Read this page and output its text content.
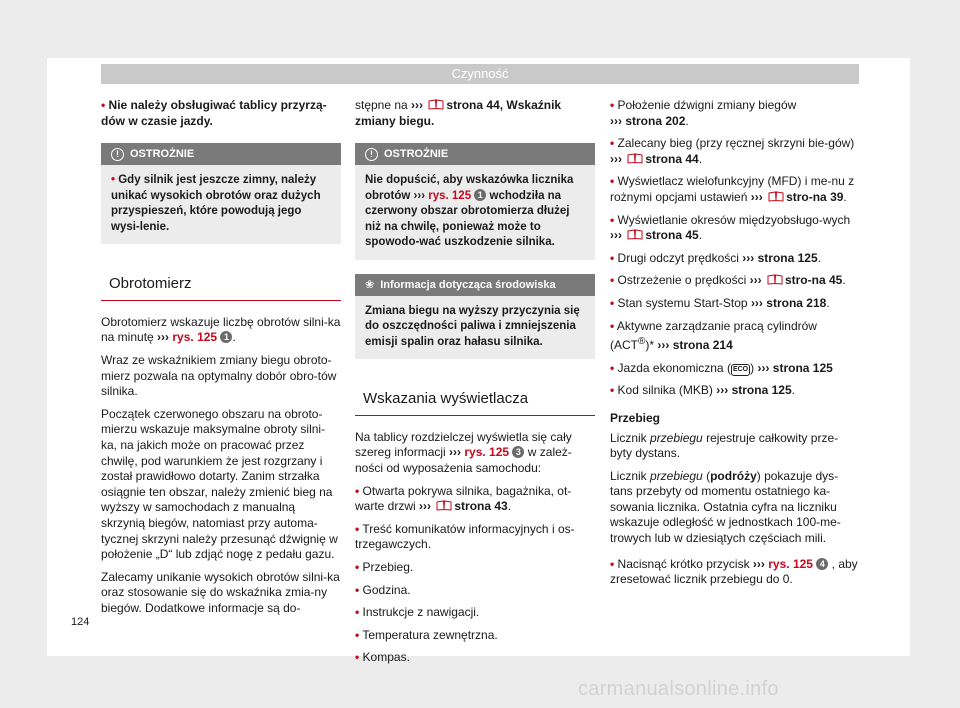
Czynność

• Nie należy obsługiwać tablicy przyrzą-dów w czasie jazdy.

!	OSTROŻNIE
• Gdy silnik jest jeszcze zimny, należy unikać wysokich obrotów oraz dużych przyspieszeń, które powodują jego wysi-lenie.
Obrotomierz

Obrotomierz wskazuje liczbę obrotów silni-ka na minutę ››› rys. 125 1 .

Wraz ze wskaźnikiem zmiany biegu obroto-mierz pozwala na optymalny dobór obro-tów silnika.

Początek czerwonego obszaru na obroto-mierzu wskazuje maksymalne obroty silni-ka, na jakich może on pracować przez chwilę, pod warunkiem że jest rozgrzany i został prawidłowo dotarty. Zanim strzałka osiągnie ten obszar, należy zmienić bieg na wyższy w samochodach z manualną skrzynią biegów, natomiast przy automa-tycznej skrzyni należy przesunąć dźwignię w położenie „D“ lub zdjąć nogę z pedału gazu.

Zalecamy unikanie wysokich obrotów silni-ka oraz stosowanie się do wskaźnika zmia-ny biegów. Dodatkowe informacje są do-

stępne na ››› strona 44, Wskaźnik zmiany biegu.

!	OSTROŻNIE
Nie dopuścić, aby wskazówka licznika obrotów ››› rys. 125 1 wchodziła na czerwony obszar obrotomierza dłużej niż na chwilę, ponieważ może to spowodo-wać uszkodzenie silnika.
❀ Informacja dotycząca środowiska
Zmiana biegu na wyższy przyczynia się do oszczędności paliwa i zmniejszenia emisji spalin oraz hałasu silnika.
Wskazania wyświetlacza

Na tablicy rozdzielczej wyświetla się cały szereg informacji ››› rys. 125 3 w zależ-ności od wyposażenia samochodu:

• Otwarta pokrywa silnika, bagażnika, ot-warte drzwi ››› strona 43.

• Treść komunikatów informacyjnych i os-trzegawczych.

• Przebieg.

• Godzina.

• Instrukcje z nawigacji.

• Temperatura zewnętrzna.

• Kompas.

• Położenie dźwigni zmiany biegów
››› strona 202.

• Zalecany bieg (przy ręcznej skrzyni bie-gów) ››› strona 44.

• Wyświetlacz wielofunkcyjny (MFD) i me-nu z rożnymi opcjami ustawień ››› stro-na 39.

• Wyświetlanie okresów międzyobsługo-wych ››› strona 45.

• Drugi odczyt prędkości ››› strona 125.

• Ostrzeżenie o prędkości ››› stro-na 45.

• Stan systemu Start-Stop ››› strona 218.

• Aktywne zarządzanie pracą cylindrów (ACT®)* ››› strona 214

• Jazda ekonomiczna ( ECO ) ››› strona 125

• Kod silnika (MKB) ››› strona 125.

Przebieg

Licznik przebiegu rejestruje całkowity prze-byty dystans.

Licznik przebiegu (podróży) pokazuje dys-tans przebyty od momentu ostatniego ka-sowania licznika. Ostatnia cyfra na liczniku wskazuje odległość w jednostkach 100-me-trowych lub w dziesiątych częściach mili.

• Nacisnąć krótko przycisk ››› rys. 125 4 , aby zresetować licznik przebiegu do 0.

124
carmanualsonline.info
